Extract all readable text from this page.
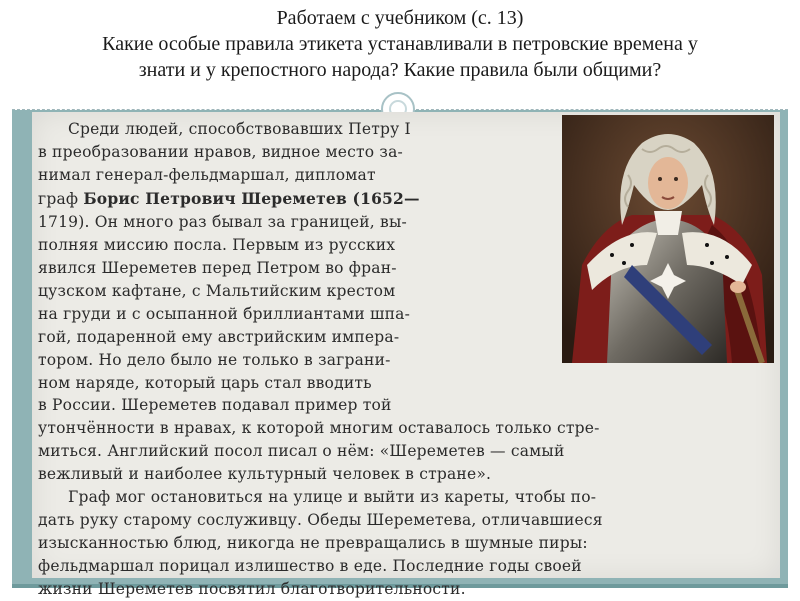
Работаем с учебником (с. 13)
Какие особые правила этикета устанавливали в петровские времена у
знати и у крепостного народа? Какие правила были общими?
Среди людей, способствовавших Петру I
в преобразовании нравов, видное место за-
нимал генерал-фельдмаршал, дипломат
граф Борис Петрович Шереметев (1652—
1719). Он много раз бывал за границей, вы-
полняя миссию посла. Первым из русских
явился Шереметев перед Петром во фран-
цузском кафтане, с Мальтийским крестом
на груди и с осыпанной бриллиантами шпа-
гой, подаренной ему австрийским импера-
тором. Но дело было не только в заграни-
ном наряде, который царь стал вводить
в России. Шереметев подавал пример той
утончённости в нравах, к которой многим оставалось только стре-
миться. Английский посол писал о нём: «Шереметев — самый
вежливый и наиболее культурный человек в стране».
Граф мог остановиться на улице и выйти из кареты, чтобы по-
дать руку старому сослуживцу. Обеды Шереметева, отличавшиеся
изысканностью блюд, никогда не превращались в шумные пиры:
фельдмаршал порицал излишество в еде. Последние годы своей
жизни Шереметев посвятил благотворительности.
